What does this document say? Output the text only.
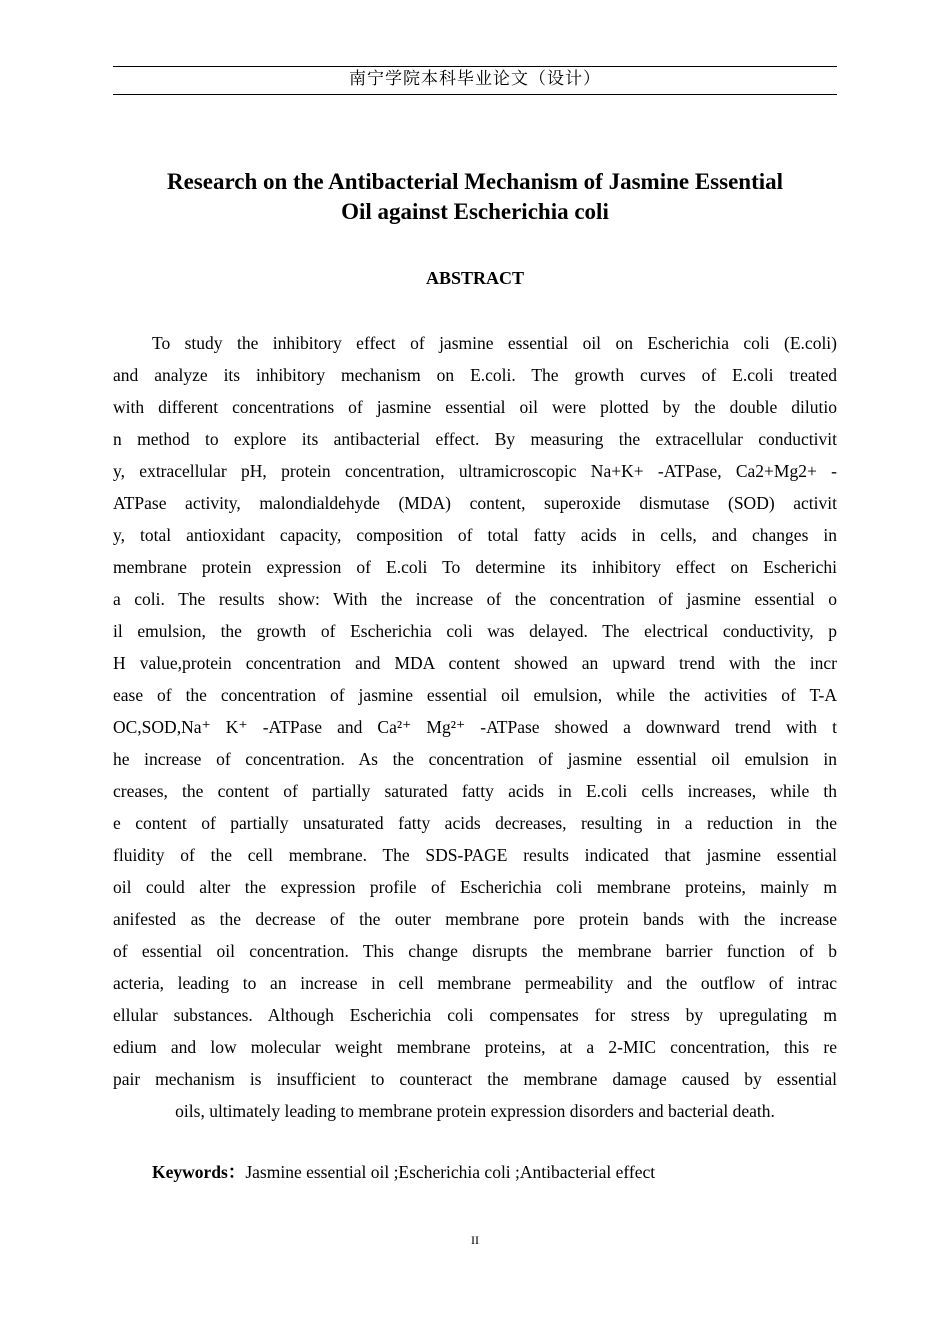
南宁学院本科毕业论文（设计）
Research on the Antibacterial Mechanism of Jasmine Essential
Oil against Escherichia coli
ABSTRACT
To study the inhibitory effect of jasmine essential oil on Escherichia coli (E.coli)
and analyze its inhibitory mechanism on E.coli. The growth curves of E.coli treated
with different concentrations of jasmine essential oil were plotted by the double dilutio
n method to explore its antibacterial effect. By measuring the extracellular conductivit
y, extracellular pH, protein concentration, ultramicroscopic Na+K+ -ATPase, Ca2+Mg2+ -
ATPase activity, malondialdehyde (MDA) content, superoxide dismutase (SOD) activit
y, total antioxidant capacity, composition of total fatty acids in cells, and changes in
membrane protein expression of E.coli To determine its inhibitory effect on Escherichi
a coli. The results show: With the increase of the concentration of jasmine essential o
il emulsion, the growth of Escherichia coli was delayed. The electrical conductivity, p
H value,protein concentration and MDA content showed an upward trend with the incr
ease of the concentration of jasmine essential oil emulsion, while the activities of T-A
OC,SOD,Na⁺ K⁺ -ATPase and Ca²⁺ Mg²⁺ -ATPase showed a downward trend with t
he increase of concentration. As the concentration of jasmine essential oil emulsion in
creases, the content of partially saturated fatty acids in E.coli cells increases, while th
e content of partially unsaturated fatty acids decreases, resulting in a reduction in the
fluidity of the cell membrane. The SDS-PAGE results indicated that jasmine essential
oil could alter the expression profile of Escherichia coli membrane proteins, mainly m
anifested as the decrease of the outer membrane pore protein bands with the increase
of essential oil concentration. This change disrupts the membrane barrier function of b
acteria, leading to an increase in cell membrane permeability and the outflow of intrac
ellular substances. Although Escherichia coli compensates for stress by upregulating m
edium and low molecular weight membrane proteins, at a 2-MIC concentration, this re
pair mechanism is insufficient to counteract the membrane damage caused by essential
oils, ultimately leading to membrane protein expression disorders and bacterial death.
Keywords：Jasmine essential oil ;Escherichia coli ;Antibacterial effect
II
